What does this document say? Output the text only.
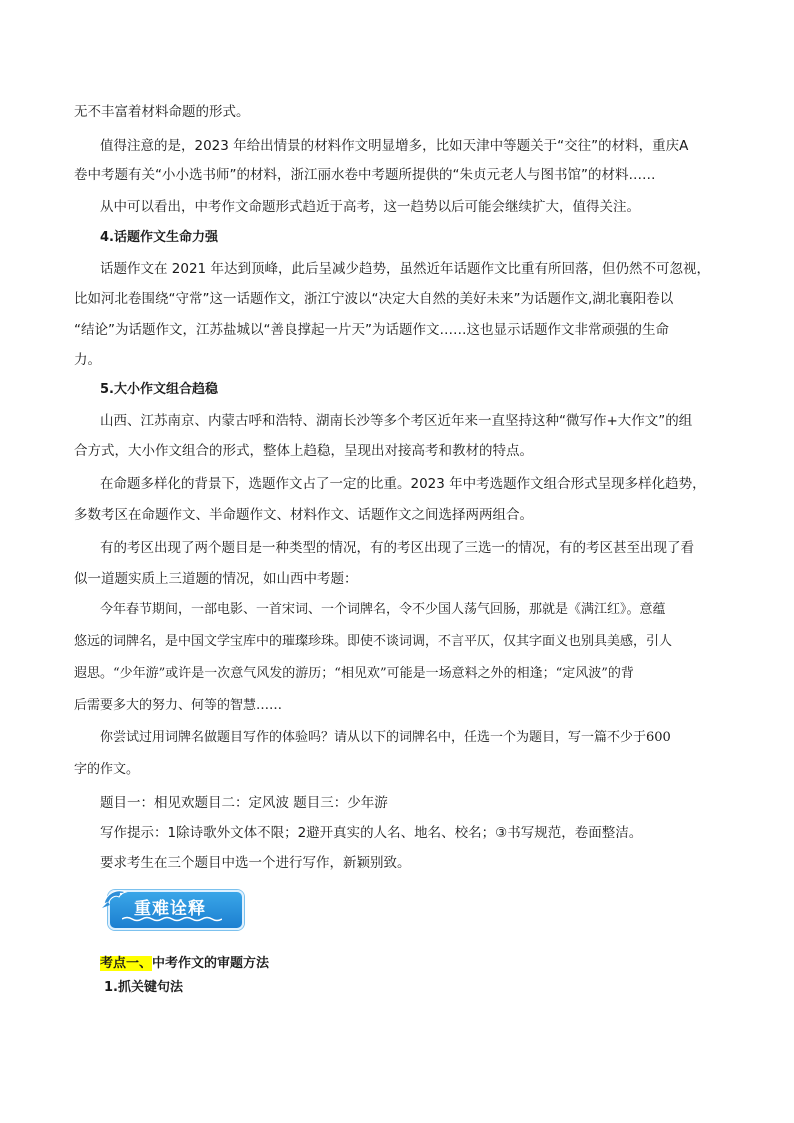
无不丰富着材料命题的形式。

值得注意的是，2023 年给出情景的材料作文明显增多，比如天津中等题关于“交往”的材料，重庆A

卷中考题有关“小小选书师”的材料，浙江丽水卷中考题所提供的“朱贞元老人与图书馆”的材料……

从中可以看出，中考作文命题形式趋近于高考，这一趋势以后可能会继续扩大，值得关注。

4.话题作文生命力强

话题作文在 2021 年达到顶峰，此后呈减少趋势，虽然近年话题作文比重有所回落，但仍然不可忽视，

比如河北卷围绕“守常”这一话题作文，浙江宁波以“决定大自然的美好未来”为话题作文,湖北襄阳卷以

“结论”为话题作文，江苏盐城以“善良撑起一片天”为话题作文……这也显示话题作文非常顽强的生命

力。

5.大小作文组合趋稳

山西、江苏南京、内蒙古呼和浩特、湖南长沙等多个考区近年来一直坚持这种“微写作+大作文”的组

合方式，大小作文组合的形式，整体上趋稳，呈现出对接高考和教材的特点。

在命题多样化的背景下，选题作文占了一定的比重。2023 年中考选题作文组合形式呈现多样化趋势，

多数考区在命题作文、半命题作文、材料作文、话题作文之间选择两两组合。

有的考区出现了两个题目是一种类型的情况，有的考区出现了三选一的情况，有的考区甚至出现了看

似一道题实质上三道题的情况，如山西中考题：

　　今年春节期间，一部电影、一首宋词、一个词牌名，令不少国人荡气回肠，那就是《满江红》。意蕴

悠远的词牌名，是中国文学宝库中的璀璨珍珠。即使不谈词调，不言平仄，仅其字面义也别具美感，引人

遐思。“少年游”或许是一次意气风发的游历；“相见欢”可能是一场意料之外的相逢；“定风波”的背

后需要多大的努力、何等的智慧……

　　你尝试过用词牌名做题目写作的体验吗？请从以下的词牌名中，任选一个为题目，写一篇不少于600

字的作文。

题目一：相见欢题目二：定风波 题目三：少年游

写作提示：1除诗歌外文体不限；2避开真实的人名、地名、校名；③书写规范，卷面整洁。

要求考生在三个题目中选一个进行写作，新颖别致。

重难诠释
考点一、中考作文的审题方法
1.抓关键句法
